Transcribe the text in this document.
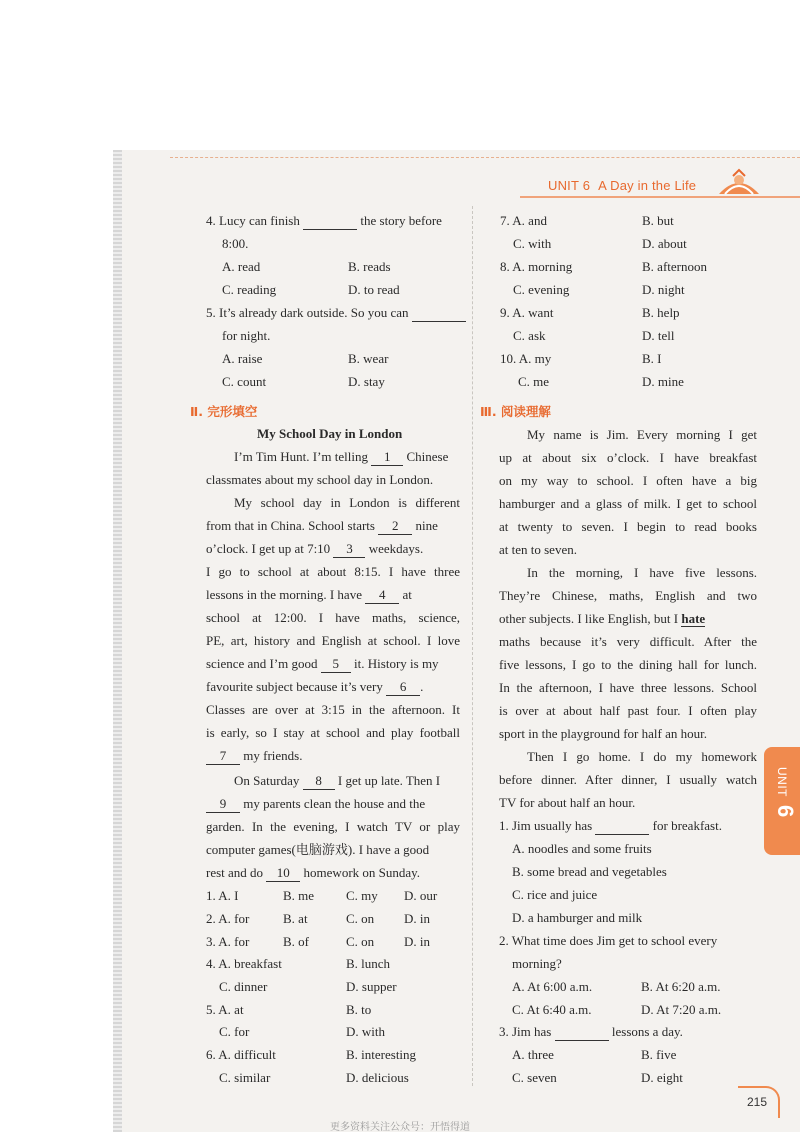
UNIT 6 A Day in the Life
4. Lucy can finish	the story before
8:00.
A. read	B. reads
C. reading	D. to read
5. It’s already dark outside. So you can
for night.
A. raise	B. wear
C. count	D. stay
7. A. and	B. but
C. with	D. about
8. A. morning	B. afternoon
C. evening	D. night
9. A. want	B. help
C. ask	D. tell
10. A. my	B. I
C. me	D. mine
Ⅱ. 完形填空
My School Day in London
I’m Tim Hunt. I’m telling 1 Chinese
classmates about my school day in London.
My school day in London is different
from that in China. School starts 2 nine
o’clock. I get up at 7:10 3 weekdays.
I go to school at about 8:15. I have three
lessons in the morning. I have 4 at
school at 12:00. I have maths, science,
PE, art, history and English at school. I love
science and I’m good 5 it. History is my
favourite subject because it’s very 6 .
Classes are over at 3:15 in the afternoon. It
is early, so I stay at school and play football
7 my friends.
On Saturday 8 I get up late. Then I
9 my parents clean the house and the
garden. In the evening, I watch TV or play
computer games(电脑游戏). I have a good
rest and do 10 homework on Sunday.
1. A. I	B. me C. my D. our
2. A. for	B. at	C. on D. in
3. A. for	B. of	C. on D. in
4. A. breakfast	B. lunch
C. dinner	D. supper
5. A. at	B. to
C. for	D. with
6. A. difficult	B. interesting
C. similar	D. delicious
Ⅲ. 阅读理解
My name is Jim. Every morning I get
up at about six o’clock. I have breakfast
on my way to school. I often have a big
hamburger and a glass of milk. I get to school
at twenty to seven. I begin to read books
at ten to seven.
In the morning, I have five lessons.
They’re Chinese, maths, English and two
other subjects. I like English, but I hate
maths because it’s very difficult. After the
five lessons, I go to the dining hall for lunch.
In the afternoon, I have three lessons. School
is over at about half past four. I often play
sport in the playground for half an hour.
Then I go home. I do my homework
before dinner. After dinner, I usually watch
TV for about half an hour.
1. Jim usually has	for breakfast.
A. noodles and some fruits
B. some bread and vegetables
C. rice and juice
D. a hamburger and milk
2. What time does Jim get to school every
morning?
A. At 6:00 a.m.	B. At 6:20 a.m.
C. At 6:40 a.m.	D. At 7:20 a.m.
3. Jim has	lessons a day.
A. three	B. five
C. seven	D. eight
UNIT
6
215
更多资料关注公众号：开悟得道
